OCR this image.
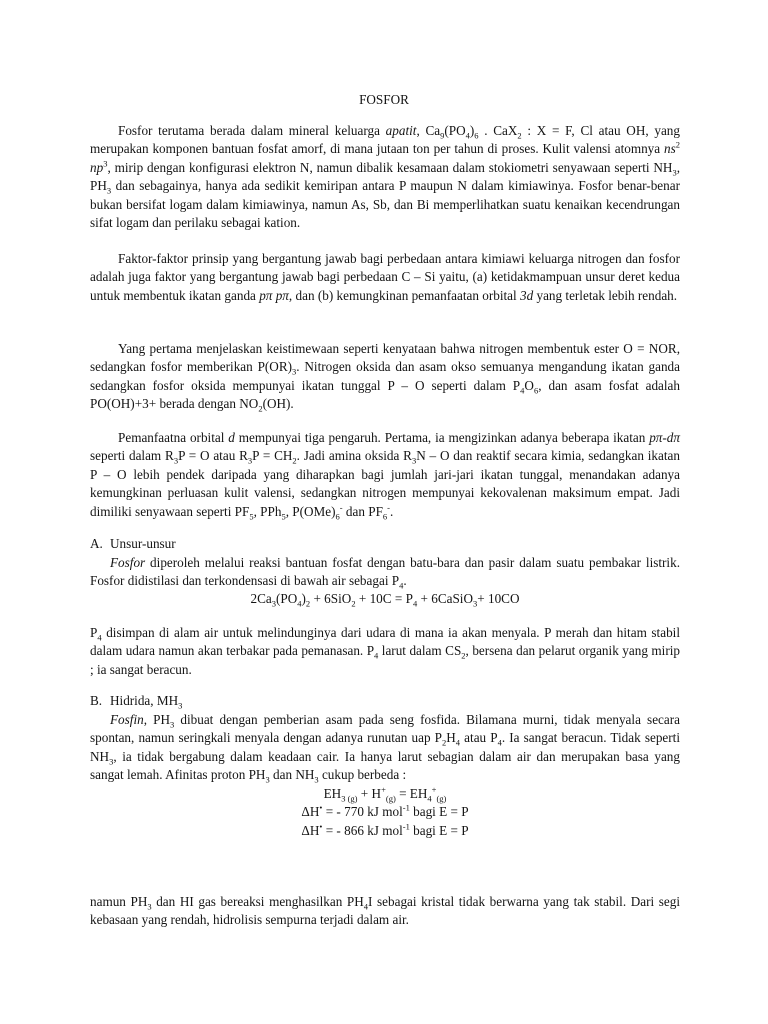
FOSFOR

Fosfor terutama berada dalam mineral keluarga apatit, $Ca_9(PO_4)_6$ . CaX$_2$ : X = F, Cl atau OH, yang merupakan komponen bantuan fosfat amorf, di mana jutaan ton per tahun di proses. Kulit valensi atomnya $ns^2$ $np^3$, mirip dengan konfigurasi elektron N, namun dibalik kesamaan dalam stokiometri senyawaan seperti $NH_3$, $PH_3$ dan sebagainya, hanya ada sedikit kemiripan antara P maupun N dalam kimiawinya. Fosfor benar-benar bukan bersifat logam dalam kimiawinya, namun As, Sb, dan Bi memperlihatkan suatu kenaikan kecendrungan sifat logam dan perilaku sebagai kation.

Faktor-faktor prinsip yang bergantung jawab bagi perbedaan antara kimiawi keluarga nitrogen dan fosfor adalah juga faktor yang bergantung jawab bagi perbedaan C – Si yaitu, (a) ketidakmampuan unsur deret kedua untuk membentuk ikatan ganda pπ pπ, dan (b) kemungkinan pemanfaatan orbital 3d yang terletak lebih rendah.

Yang pertama menjelaskan keistimewaan seperti kenyataan bahwa nitrogen membentuk ester O = NOR, sedangkan fosfor memberikan $P(OR)_3$. Nitrogen oksida dan asam okso semuanya mengandung ikatan ganda sedangkan fosfor oksida mempunyai ikatan tunggal P – O seperti dalam $P_4O_6$, dan asam fosfat adalah PO(OH)+3+ berada dengan $NO_2(OH)$.

Pemanfaatna orbital d mempunyai tiga pengaruh. Pertama, ia mengizinkan adanya beberapa ikatan pπ-dπ seperti dalam $R_3P = O$ atau $R_3P = CH_2$. Jadi amina oksida $R_3N$ – O dan reaktif secara kimia, sedangkan ikatan P – O lebih pendek daripada yang diharapkan bagi jumlah jari-jari ikatan tunggal, menandakan adanya kemungkinan perluasan kulit valensi, sedangkan nitrogen mempunyai kekovalenan maksimum empat. Jadi dimiliki senyawaan seperti $PF_5$, PPh$_5$, $P(OMe)_6^-$ dan $PF_6^-$.

A. Unsur-unsur

Fosfor diperoleh melalui reaksi bantuan fosfat dengan batu-bara dan pasir dalam suatu pembakar listrik. Fosfor didistilasi dan terkondensasi di bawah air sebagai $P_4$.

$2Ca_3(PO_4)_2 + 6SiO_2 + 10C = P_4$ + 6CaSiO$_3$+ 10CO

$P_4$ disimpan di alam air untuk melindunginya dari udara di mana ia akan menyala. P merah dan hitam stabil dalam udara namun akan terbakar pada pemanasan. $P_4$ larut dalam $CS_2$, bersena dan pelarut organik yang mirip ; ia sangat beracun.

B. Hidrida, $MH_3$

Fosfin, $PH_3$ dibuat dengan pemberian asam pada seng fosfida. Bilamana murni, tidak menyala secara spontan, namun seringkali menyala dengan adanya runutan uap $P_2H_4$ atau $P_4$. Ia sangat beracun. Tidak seperti $NH_3$, ia tidak bergabung dalam keadaan cair. Ia hanya larut sebagian dalam air dan merupakan basa yang sangat lemah. Afinitas proton $PH_3$ dan $NH_3$ cukup berbeda :

$EH_{3 (g)} + H^+_{(g)} = EH_4^+_{(g)}$

ΔH• = - 770 kJ mol$^{-1}$ bagi E = P

ΔH• = - 866 kJ mol$^{-1}$ bagi E = P

namun $PH_3$ dan HI gas bereaksi menghasilkan $PH_4I$ sebagai kristal tidak berwarna yang tak stabil. Dari segi kebasaan yang rendah, hidrolisis sempurna terjadi dalam air.
